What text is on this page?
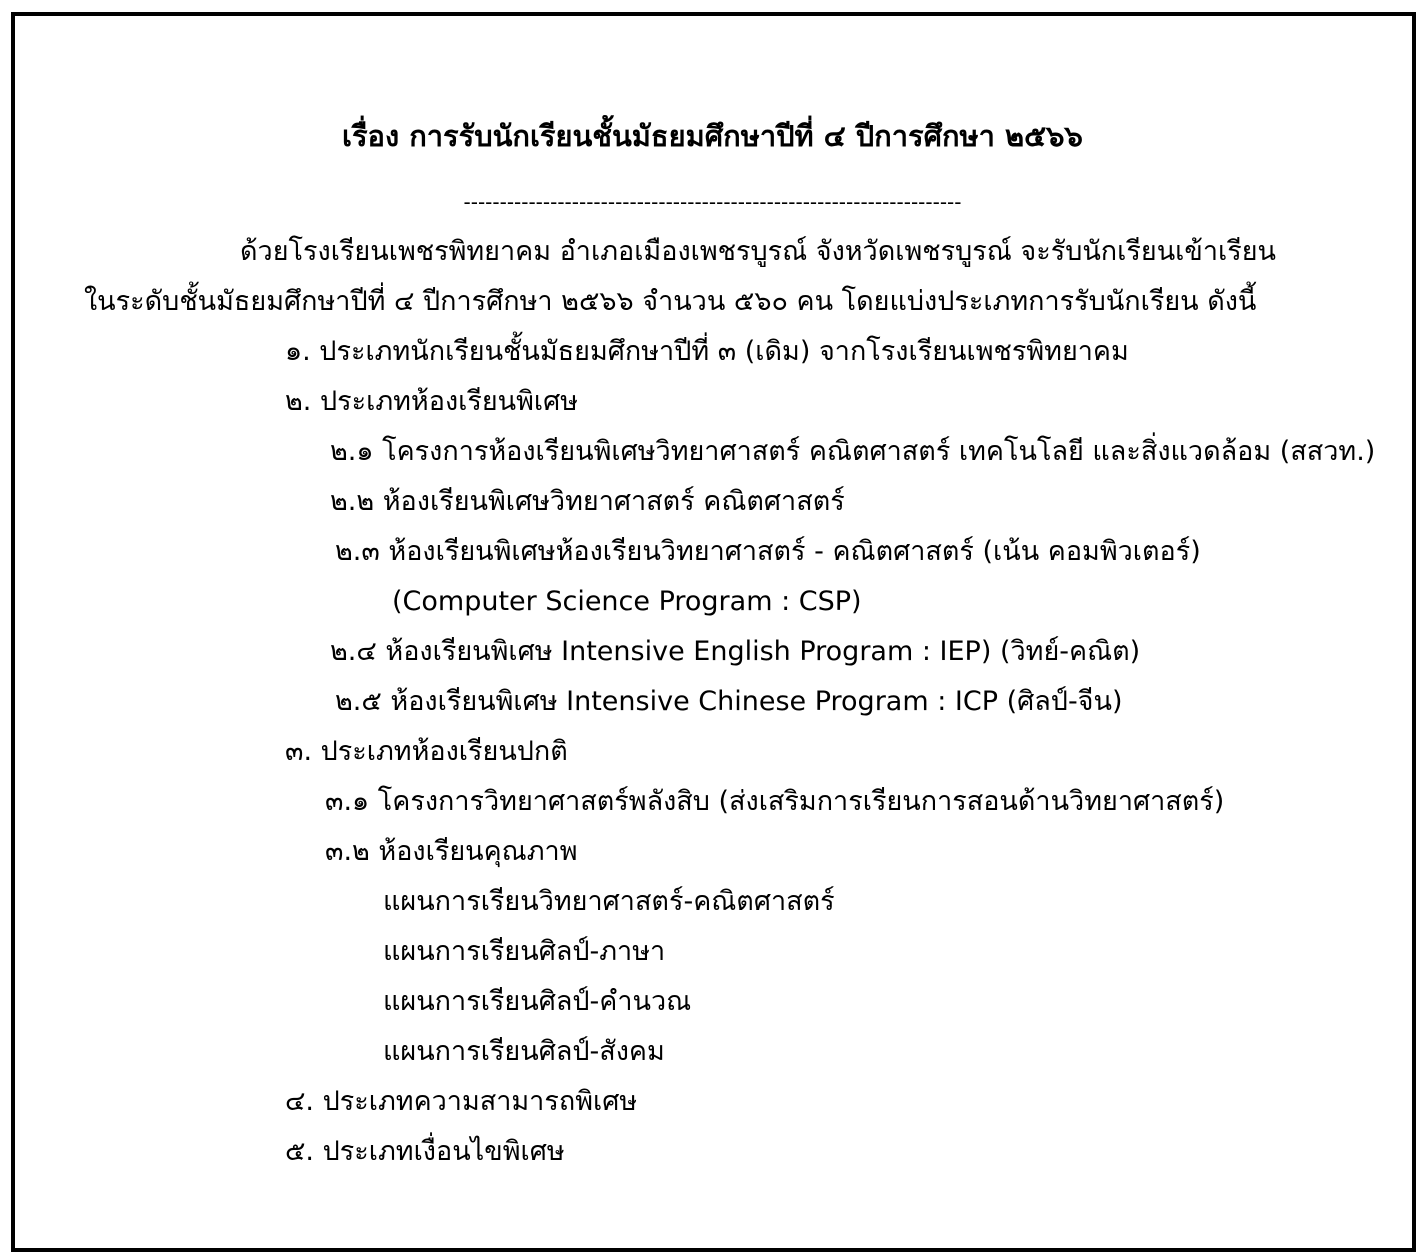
เรื่อง การรับนักเรียนชั้นมัธยมศึกษาปีที่ ๔ ปีการศึกษา ๒๕๖๖
---------------------------------------------------------------------
ด้วยโรงเรียนเพชรพิทยาคม อำเภอเมืองเพชรบูรณ์ จังหวัดเพชรบูรณ์ จะรับนักเรียนเข้าเรียน
ในระดับชั้นมัธยมศึกษาปีที่ ๔ ปีการศึกษา ๒๕๖๖ จำนวน ๕๖๐ คน โดยแบ่งประเภทการรับนักเรียน ดังนี้
๑. ประเภทนักเรียนชั้นมัธยมศึกษาปีที่ ๓ (เดิม) จากโรงเรียนเพชรพิทยาคม
๒. ประเภทห้องเรียนพิเศษ
๒.๑ โครงการห้องเรียนพิเศษวิทยาศาสตร์ คณิตศาสตร์ เทคโนโลยี และสิ่งแวดล้อม (สสวท.)
๒.๒ ห้องเรียนพิเศษวิทยาศาสตร์ คณิตศาสตร์
๒.๓ ห้องเรียนพิเศษห้องเรียนวิทยาศาสตร์ - คณิตศาสตร์ (เน้น คอมพิวเตอร์)
(Computer Science Program : CSP)
๒.๔ ห้องเรียนพิเศษ Intensive English Program : IEP) (วิทย์-คณิต)
๒.๕ ห้องเรียนพิเศษ Intensive Chinese Program : ICP (ศิลป์-จีน)
๓. ประเภทห้องเรียนปกติ
๓.๑ โครงการวิทยาศาสตร์พลังสิบ (ส่งเสริมการเรียนการสอนด้านวิทยาศาสตร์)
๓.๒ ห้องเรียนคุณภาพ
แผนการเรียนวิทยาศาสตร์-คณิตศาสตร์
แผนการเรียนศิลป์-ภาษา
แผนการเรียนศิลป์-คำนวณ
แผนการเรียนศิลป์-สังคม
๔. ประเภทความสามารถพิเศษ
๕. ประเภทเงื่อนไขพิเศษ
